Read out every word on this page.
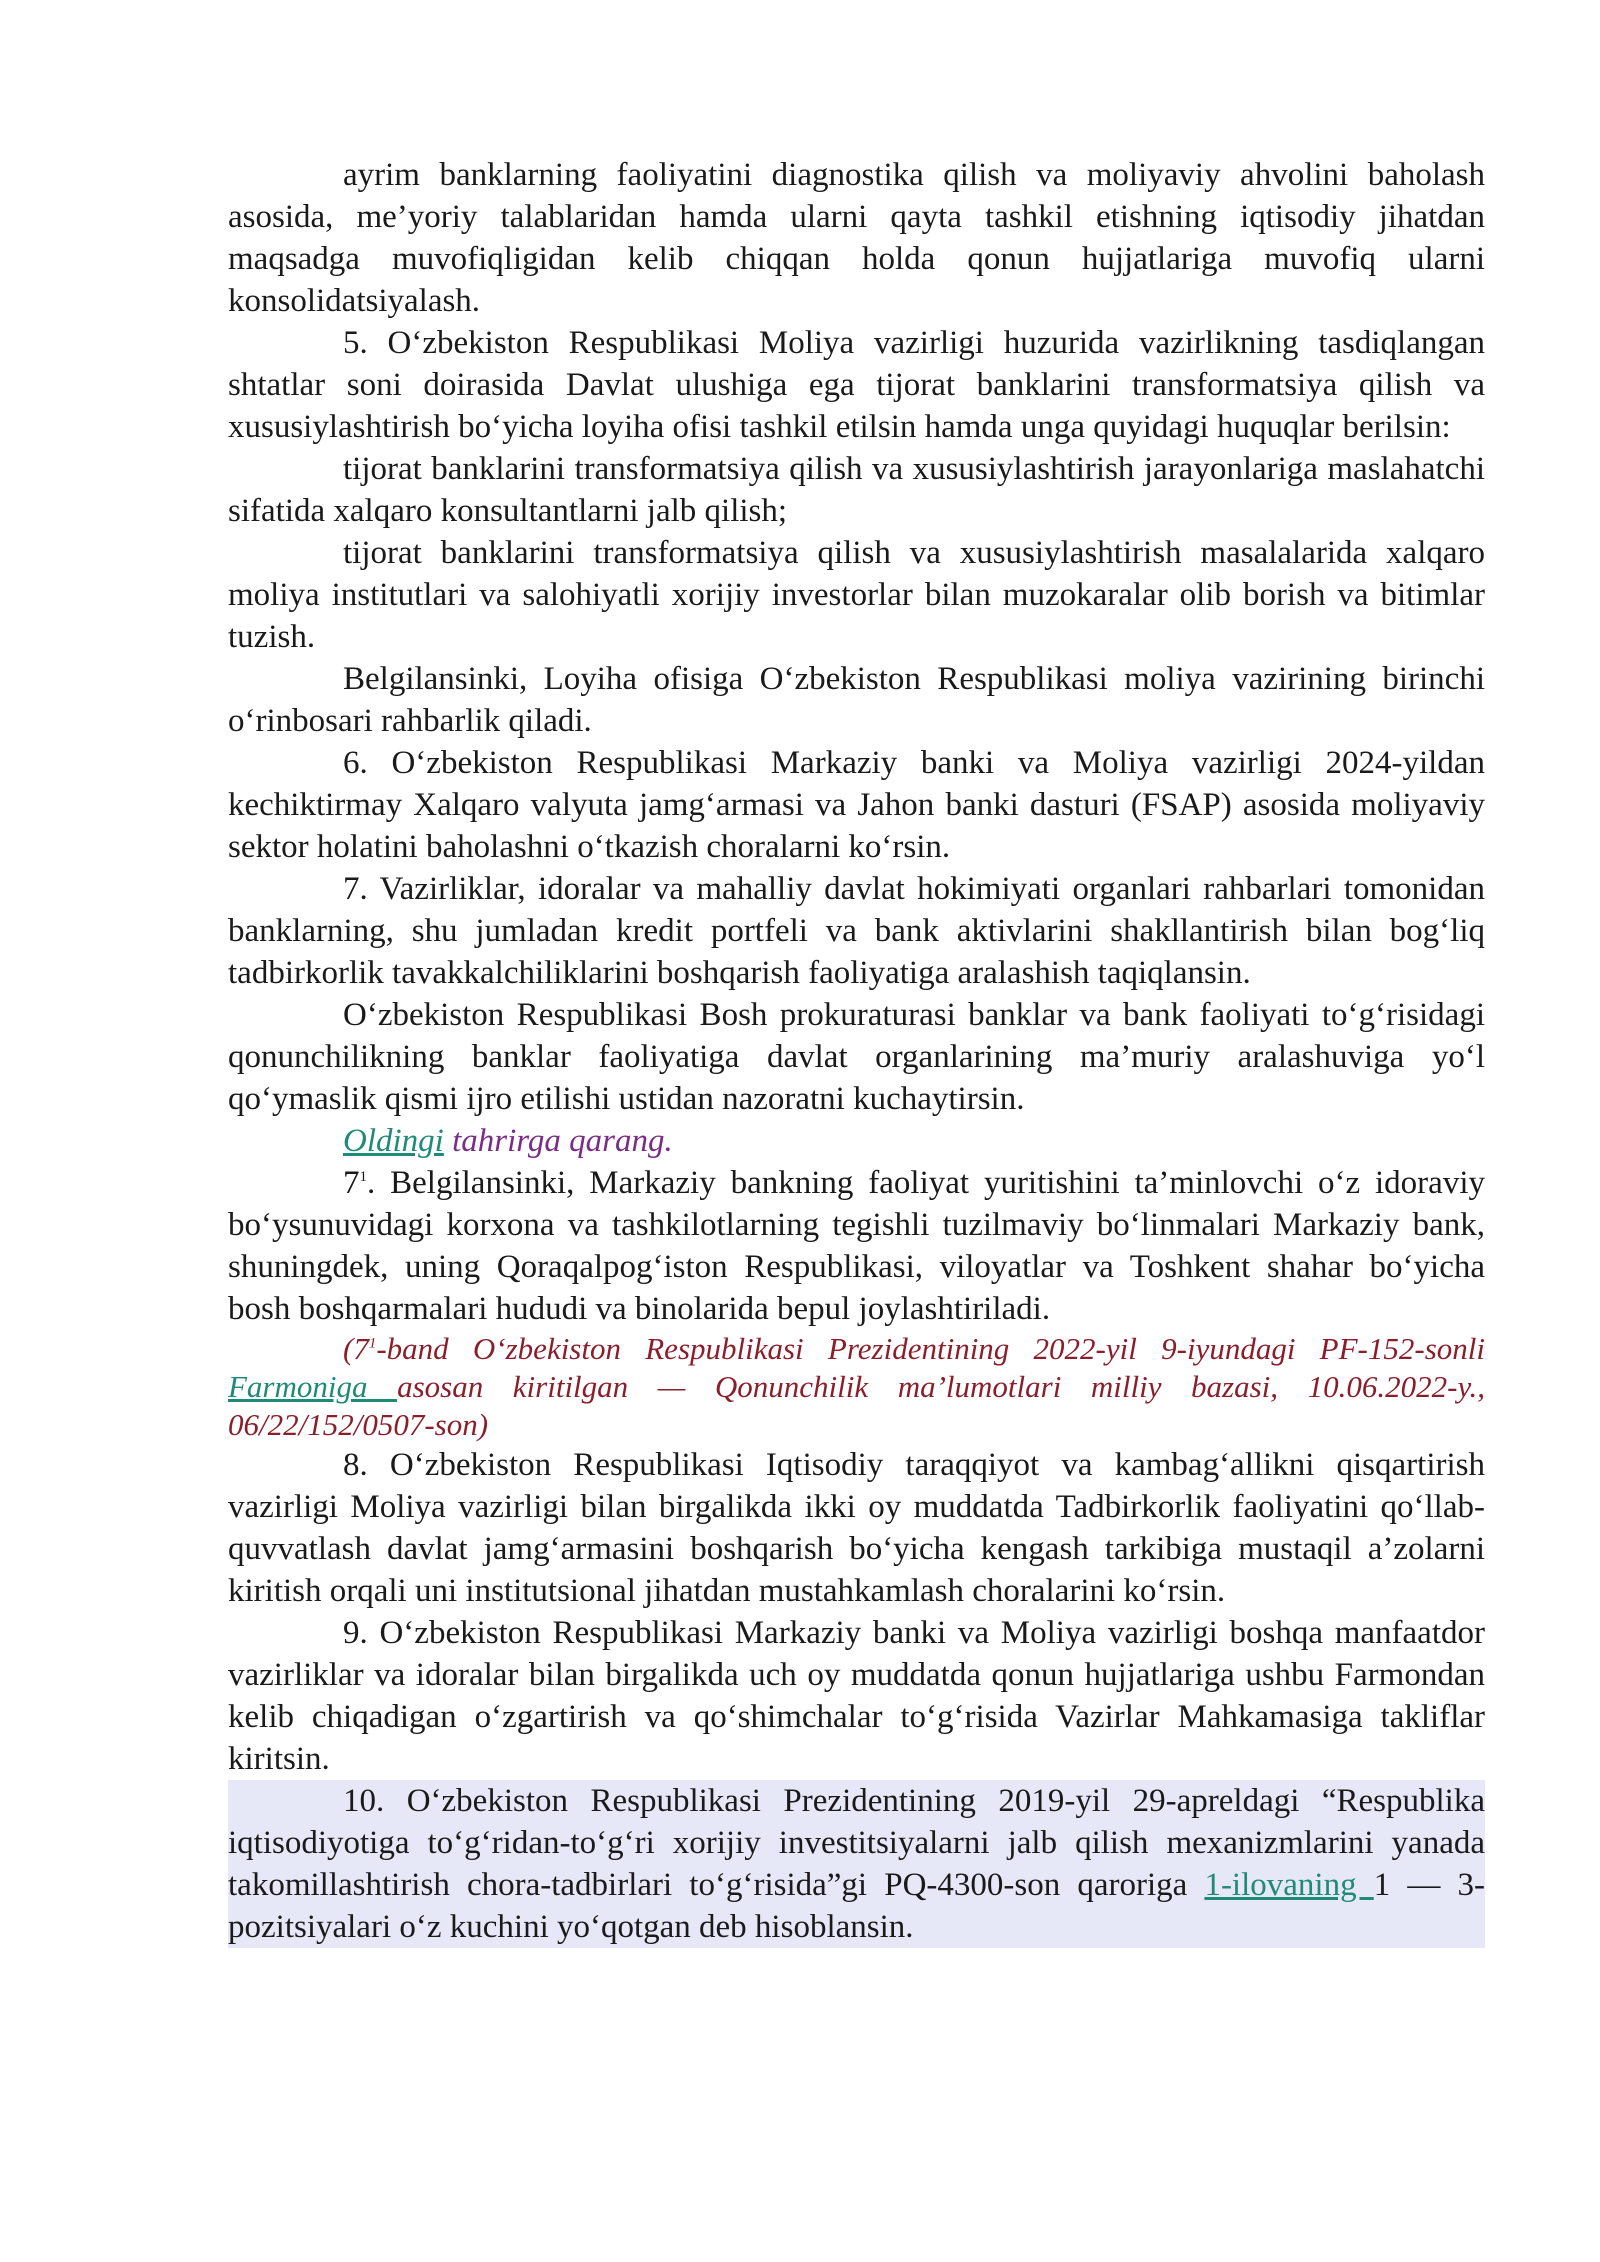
ayrim banklarning faoliyatini diagnostika qilish va moliyaviy ahvolini baholash asosida, me’yoriy talablaridan hamda ularni qayta tashkil etishning iqtisodiy jihatdan maqsadga muvofiqligidan kelib chiqqan holda qonun hujjatlariga muvofiq ularni konsolidatsiyalash.

5. O‘zbekiston Respublikasi Moliya vazirligi huzurida vazirlikning tasdiqlangan shtatlar soni doirasida Davlat ulushiga ega tijorat banklarini transformatsiya qilish va xususiylashtirish bo‘yicha loyiha ofisi tashkil etilsin hamda unga quyidagi huquqlar berilsin:

tijorat banklarini transformatsiya qilish va xususiylashtirish jarayonlariga maslahatchi sifatida xalqaro konsultantlarni jalb qilish;

tijorat banklarini transformatsiya qilish va xususiylashtirish masalalarida xalqaro moliya institutlari va salohiyatli xorijiy investorlar bilan muzokaralar olib borish va bitimlar tuzish.

Belgilansinki, Loyiha ofisiga O‘zbekiston Respublikasi moliya vazirining birinchi o‘rinbosari rahbarlik qiladi.

6. O‘zbekiston Respublikasi Markaziy banki va Moliya vazirligi 2024-yildan kechiktirmay Xalqaro valyuta jamg‘armasi va Jahon banki dasturi (FSAP) asosida moliyaviy sektor holatini baholashni o‘tkazish choralarni ko‘rsin.

7. Vazirliklar, idoralar va mahalliy davlat hokimiyati organlari rahbarlari tomonidan banklarning, shu jumladan kredit portfeli va bank aktivlarini shakllantirish bilan bog‘liq tadbirkorlik tavakkalchiliklarini boshqarish faoliyatiga aralashish taqiqlansin.

O‘zbekiston Respublikasi Bosh prokuraturasi banklar va bank faoliyati to‘g‘risidagi qonunchilikning banklar faoliyatiga davlat organlarining ma’muriy aralashuviga yo‘l qo‘ymaslik qismi ijro etilishi ustidan nazoratni kuchaytirsin.

Oldingi tahrirga qarang.

$7^1$. Belgilansinki, Markaziy bankning faoliyat yuritishini ta’minlovchi o‘z idoraviy bo‘ysunuvidagi korxona va tashkilotlarning tegishli tuzilmaviy bo‘linmalari Markaziy bank, shuningdek, uning Qoraqalpog‘iston Respublikasi, viloyatlar va Toshkent shahar bo‘yicha bosh boshqarmalari hududi va binolarida bepul joylashtiriladi.

($7^1$-band O‘zbekiston Respublikasi Prezidentining 2022-yil 9-iyundagi PF-152-sonli Farmoniga asosan kiritilgan — Qonunchilik ma’lumotlari milliy bazasi, 10.06.2022-y., 06/22/152/0507-son)

8. O‘zbekiston Respublikasi Iqtisodiy taraqqiyot va kambag‘allikni qisqartirish vazirligi Moliya vazirligi bilan birgalikda ikki oy muddatda Tadbirkorlik faoliyatini qo‘llab-quvvatlash davlat jamg‘armasini boshqarish bo‘yicha kengash tarkibiga mustaqil a’zolarni kiritish orqali uni institutsional jihatdan mustahkamlash choralarini ko‘rsin.

9. O‘zbekiston Respublikasi Markaziy banki va Moliya vazirligi boshqa manfaatdor vazirliklar va idoralar bilan birgalikda uch oy muddatda qonun hujjatlariga ushbu Farmondan kelib chiqadigan o‘zgartirish va qo‘shimchalar to‘g‘risida Vazirlar Mahkamasiga takliflar kiritsin.

10. O‘zbekiston Respublikasi Prezidentining 2019-yil 29-apreldagi “Respublika iqtisodiyotiga to‘g‘ridan-to‘g‘ri xorijiy investitsiyalarni jalb qilish mexanizmlarini yanada takomillashtirish chora-tadbirlari to‘g‘risida”gi PQ-4300-son qaroriga 1-ilovaning 1 — 3-pozitsiyalari o‘z kuchini yo‘qotgan deb hisoblansin.
